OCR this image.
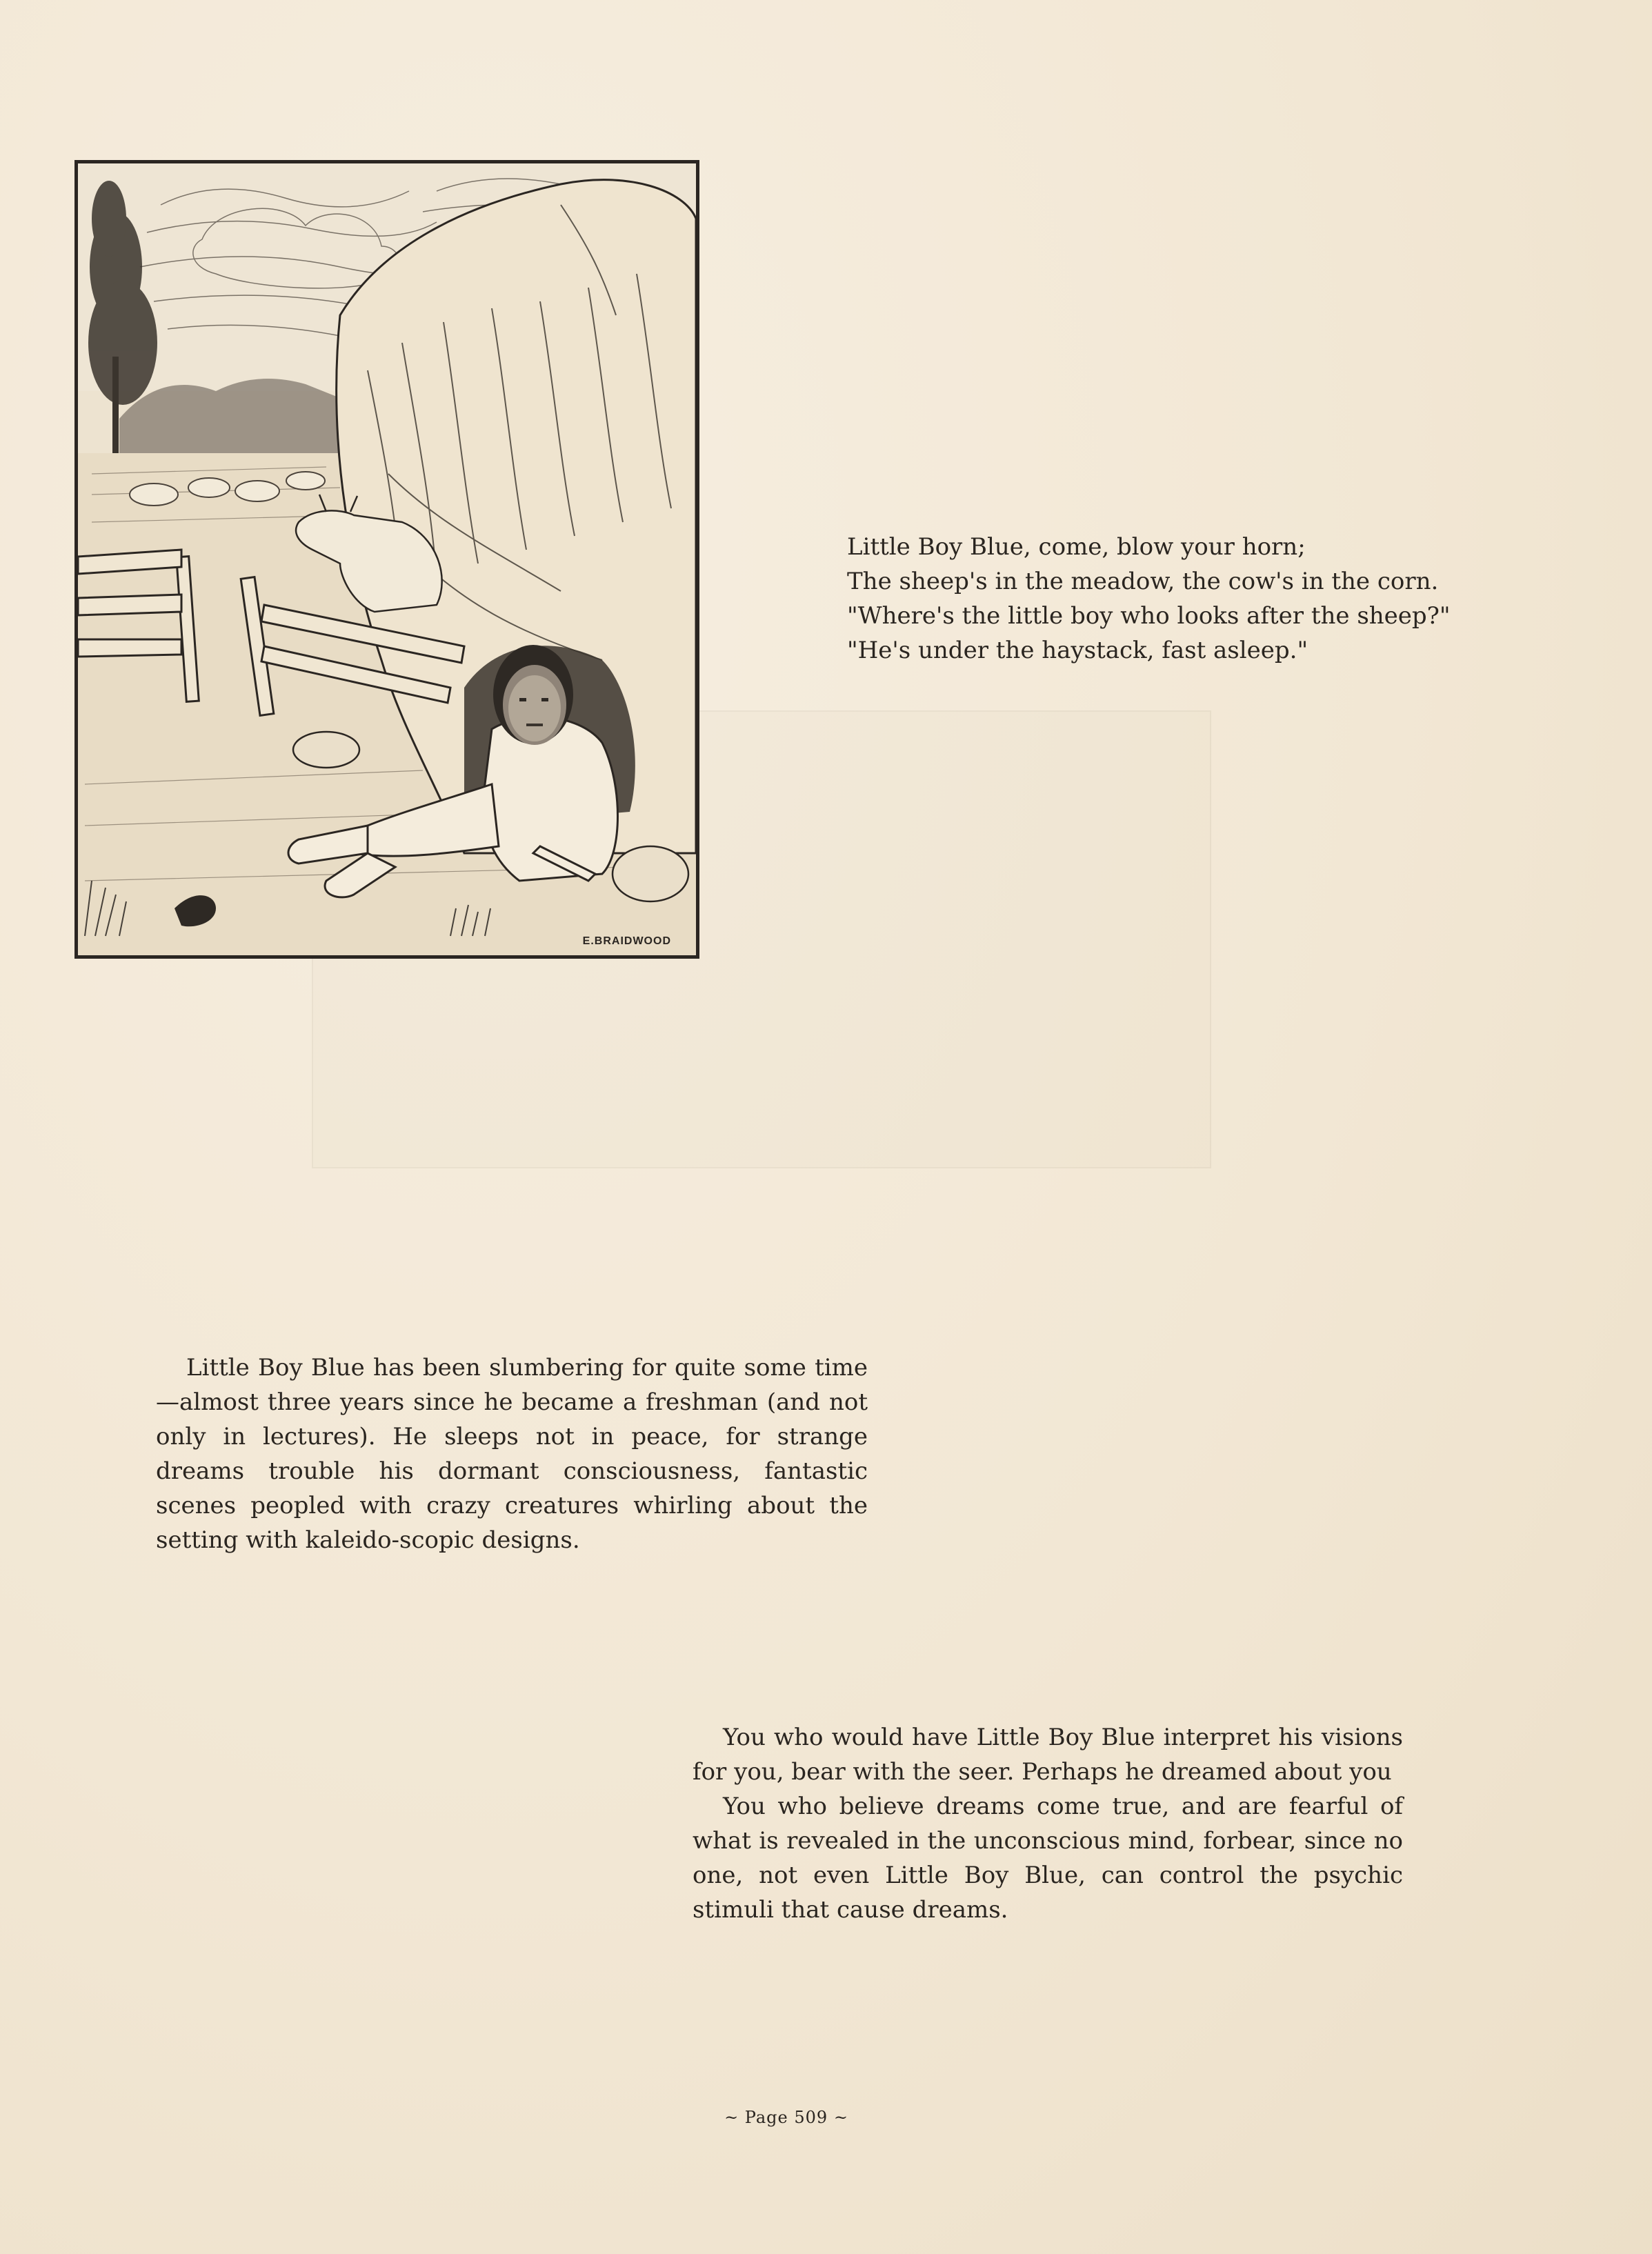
E.BRAIDWOOD
Little Boy Blue, come, blow your horn;
The sheep's in the meadow, the cow's in the corn.
"Where's the little boy who looks after the sheep?"
"He's under the haystack, fast asleep."

Little Boy Blue has been slumbering for quite some time—almost three years since he became a freshman (and not only in lectures). He sleeps not in peace, for strange dreams trouble his dormant consciousness, fantastic scenes peopled with crazy creatures whirling about the setting with kaleido-scopic designs.

You who would have Little Boy Blue interpret his visions for you, bear with the seer. Perhaps he dreamed about you

You who believe dreams come true, and are fearful of what is revealed in the unconscious mind, forbear, since no one, not even Little Boy Blue, can control the psychic stimuli that cause dreams.

~ Page 509 ~
